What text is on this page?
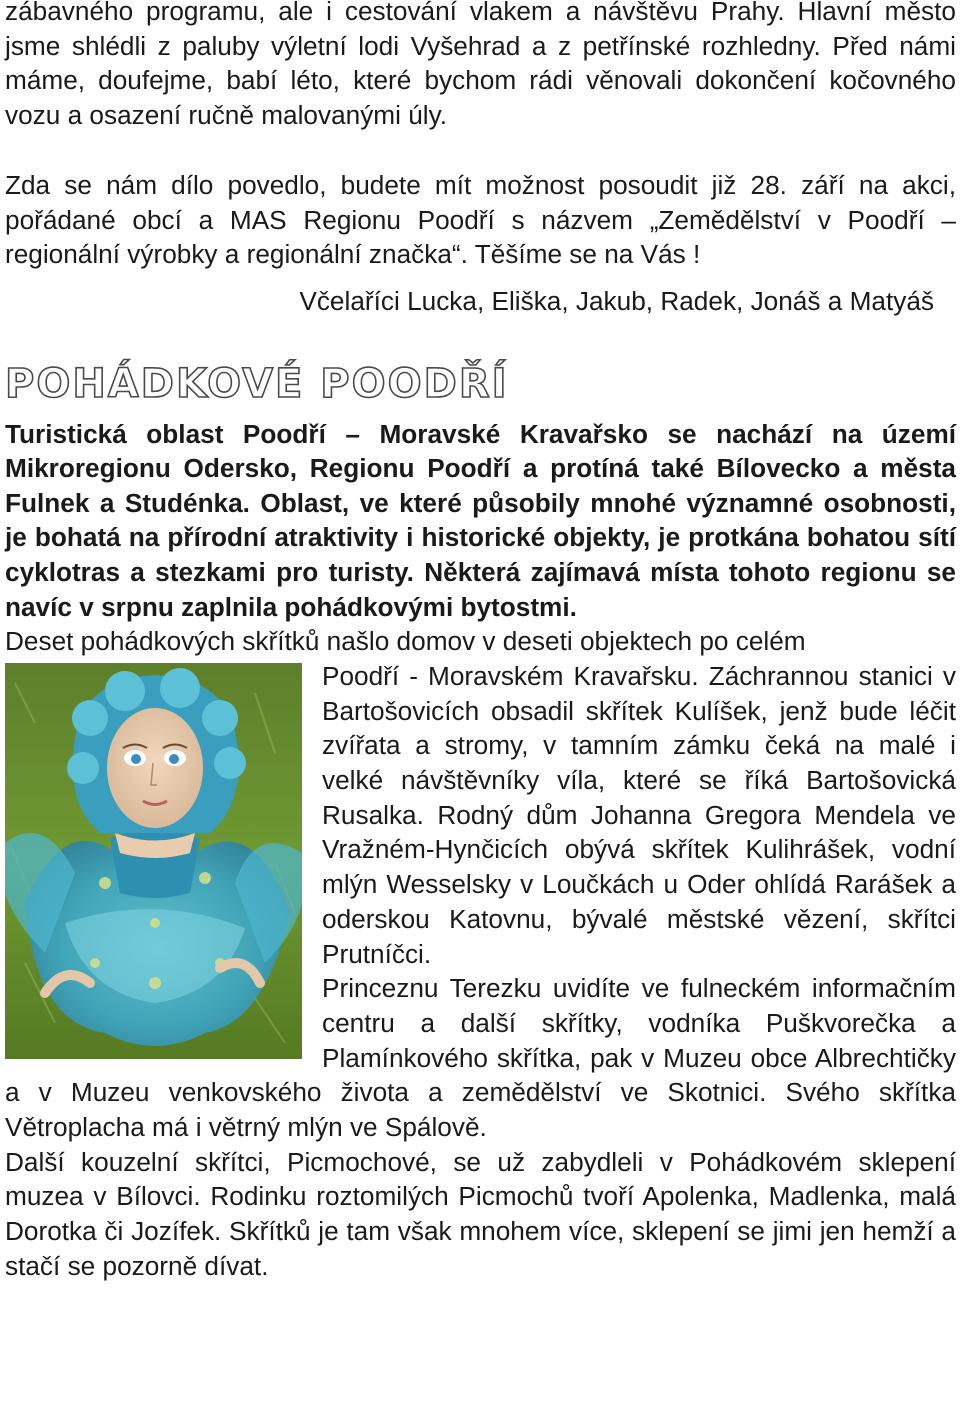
zábavného programu, ale i cestování vlakem a návštěvu Prahy. Hlavní město jsme shlédli z paluby výletní lodi Vyšehrad a z petřínské rozhledny. Před námi máme, doufejme, babí léto, které bychom rádi věnovali dokončení kočovného vozu a osazení ručně malovanými úly.

Zda se nám dílo povedlo, budete mít možnost posoudit již 28. září na akci, pořádané obcí a MAS Regionu Poodří s názvem „Zemědělství v Poodří – regionální výrobky a regionální značka“. Těšíme se na Vás !

Včelaříci Lucka, Eliška, Jakub, Radek, Jonáš a Matyáš

POHÁDKOVÉ POODŘÍ

Turistická oblast Poodří – Moravské Kravařsko se nachází na území Mikroregionu Odersko, Regionu Poodří a protíná také Bílovecko a města Fulnek a Studénka. Oblast, ve které působily mnohé významné osobnosti, je bohatá na přírodní atraktivity i historické objekty, je protkána bohatou sítí cyklotras a stezkami pro turisty. Některá zajímavá místa tohoto regionu se navíc v srpnu zaplnila pohádkovými bytostmi.

Deset pohádkových skřítků našlo domov v deseti objektech po celém

Poodří - Moravském Kravařsku. Záchrannou stanici v Bartošovicích obsadil skřítek Kulíšek, jenž bude léčit zvířata a stromy, v tamním zámku čeká na malé i velké návštěvníky víla, které se říká Bartošovická Rusalka. Rodný dům Johanna Gregora Mendela ve Vražném-Hynčicích obývá skřítek Kulihrášek, vodní mlýn Wesselsky v Loučkách u Oder ohlídá Rarášek a oderskou Katovnu, bývalé městské vězení, skřítci Prutníčci.

Princeznu Terezku uvidíte ve fulneckém informačním centru a další skřítky, vodníka Puškvorečka a Plamínkového skřítka, pak v Muzeu obce Albrechtičky a v Muzeu venkovského života a zemědělství ve Skotnici. Svého skřítka Větroplacha má i větrný mlýn ve Spálově.

Další kouzelní skřítci, Picmochové, se už zabydleli v Pohádkovém sklepení muzea v Bílovci. Rodinku roztomilých Picmochů tvoří Apolenka, Madlenka, malá Dorotka či Jozífek. Skřítků je tam však mnohem více, sklepení se jimi jen hemží a stačí se pozorně dívat.
